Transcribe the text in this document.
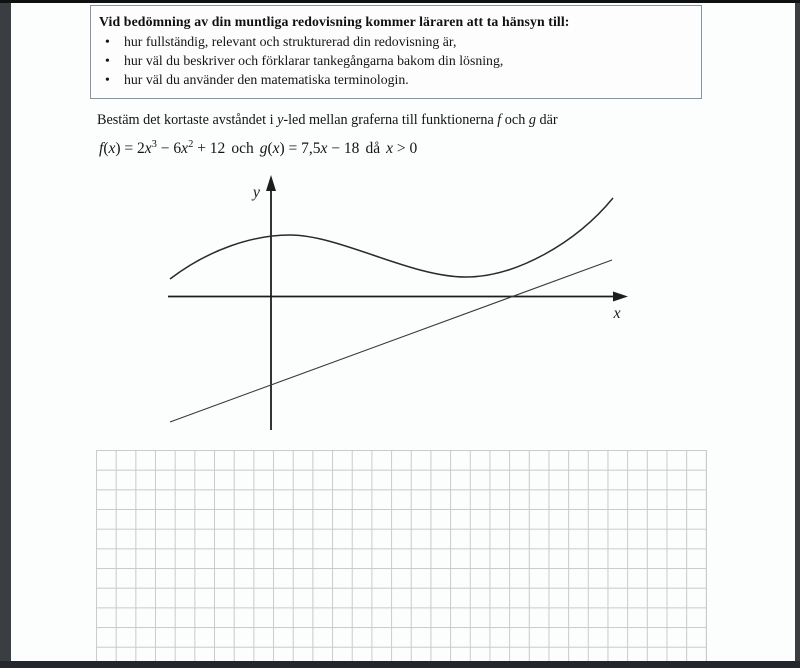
Vid bedömning av din muntliga redovisning kommer läraren att ta hänsyn till:
•	hur fullständig, relevant och strukturerad din redovisning är,
•	hur väl du beskriver och förklarar tankegångarna bakom din lösning,
•	hur väl du använder den matematiska terminologin.
Bestäm det kortaste avståndet i y-led mellan graferna till funktionerna f och g där
$f(x) = 2x^3 - 6x^2 + 12$ och g(x) = 7,5x − 18 då x > 0
y
x
